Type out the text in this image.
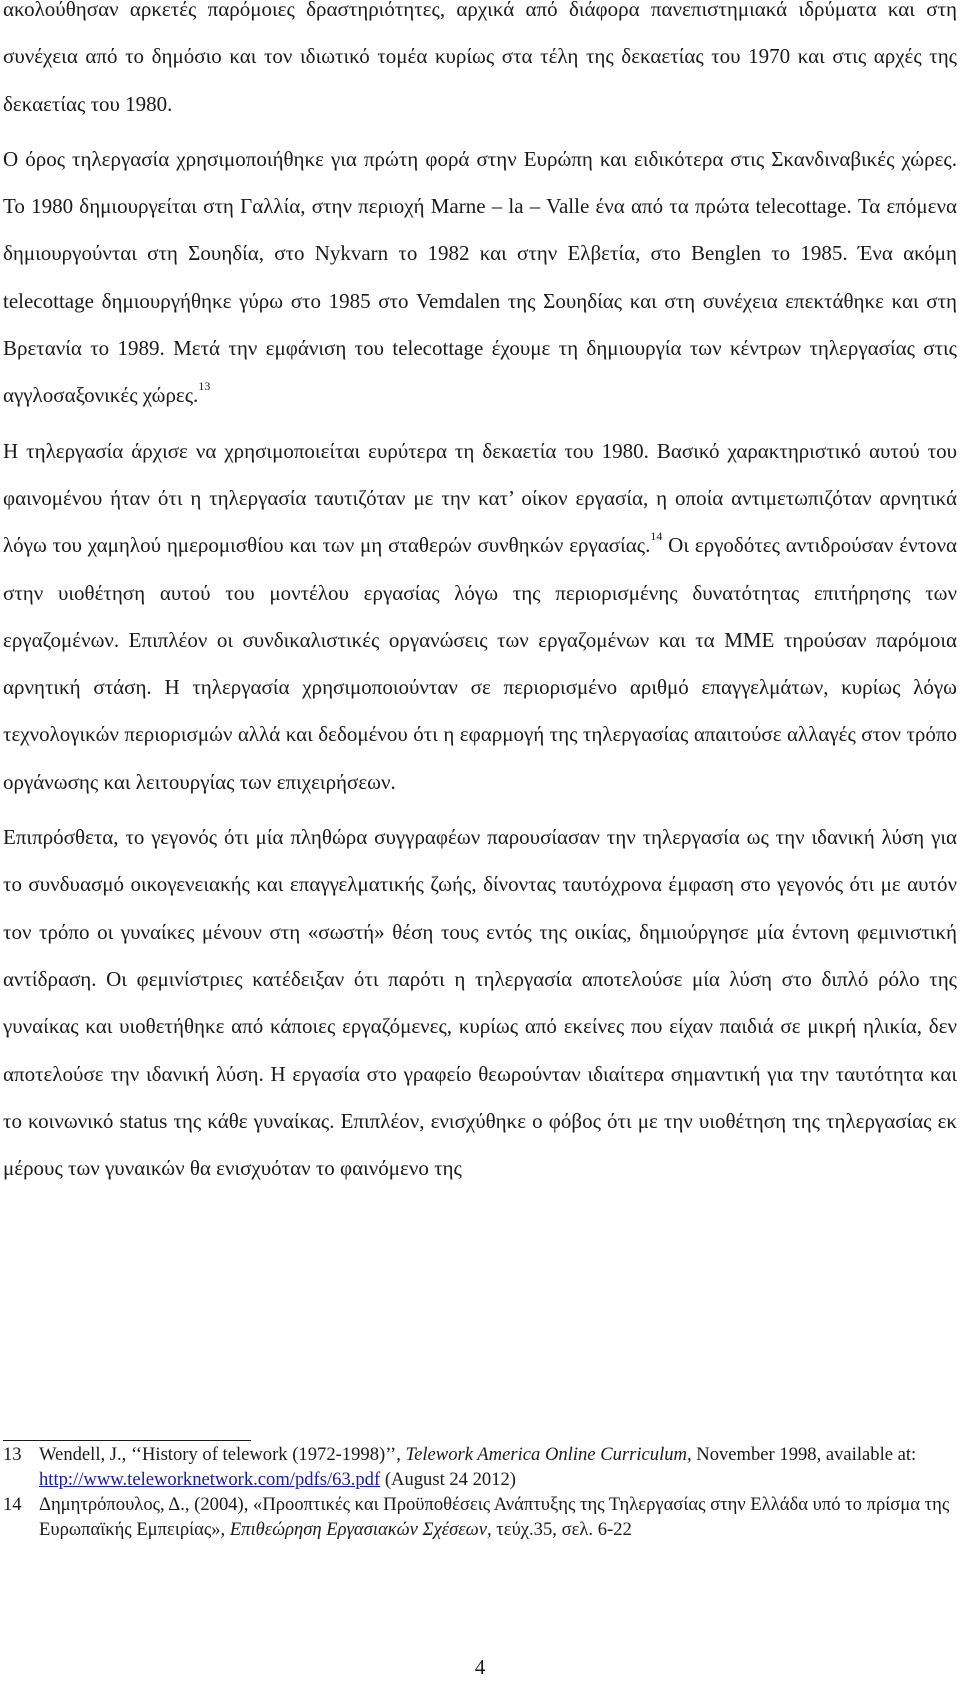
ακολούθησαν αρκετές παρόμοιες δραστηριότητες, αρχικά από διάφορα πανεπιστημιακά ιδρύματα και στη συνέχεια από το δημόσιο και τον ιδιωτικό τομέα κυρίως στα τέλη της δεκαετίας του 1970 και στις αρχές της δεκαετίας του 1980.

Ο όρος τηλεργασία χρησιμοποιήθηκε για πρώτη φορά στην Ευρώπη και ειδικότερα στις Σκανδιναβικές χώρες. Το 1980 δημιουργείται στη Γαλλία, στην περιοχή Marne – la – Valle ένα από τα πρώτα telecottage. Τα επόμενα δημιουργούνται στη Σουηδία, στο Nykvarn το 1982 και στην Ελβετία, στο Benglen το 1985. Ένα ακόμη telecottage δημιουργήθηκε γύρω στο 1985 στο Vemdalen της Σουηδίας και στη συνέχεια επεκτάθηκε και στη Βρετανία το 1989. Μετά την εμφάνιση του telecottage έχουμε τη δημιουργία των κέντρων τηλεργασίας στις αγγλοσαξονικές χώρες.$^{13}$

Η τηλεργασία άρχισε να χρησιμοποιείται ευρύτερα τη δεκαετία του 1980. Βασικό χαρακτηριστικό αυτού του φαινομένου ήταν ότι η τηλεργασία ταυτιζόταν με την κατ’ οίκον εργασία, η οποία αντιμετωπιζόταν αρνητικά λόγω του χαμηλού ημερομισθίου και των μη σταθερών συνθηκών εργασίας.$^{14}$ Οι εργοδότες αντιδρούσαν έντονα στην υιοθέτηση αυτού του μοντέλου εργασίας λόγω της περιορισμένης δυνατότητας επιτήρησης των εργαζομένων. Επιπλέον οι συνδικαλιστικές οργανώσεις των εργαζομένων και τα ΜΜΕ τηρούσαν παρόμοια αρνητική στάση. Η τηλεργασία χρησιμοποιούνταν σε περιορισμένο αριθμό επαγγελμάτων, κυρίως λόγω τεχνολογικών περιορισμών αλλά και δεδομένου ότι η εφαρμογή της τηλεργασίας απαιτούσε αλλαγές στον τρόπο οργάνωσης και λειτουργίας των επιχειρήσεων.

Επιπρόσθετα, το γεγονός ότι μία πληθώρα συγγραφέων παρουσίασαν την τηλεργασία ως την ιδανική λύση για το συνδυασμό οικογενειακής και επαγγελματικής ζωής, δίνοντας ταυτόχρονα έμφαση στο γεγονός ότι με αυτόν τον τρόπο οι γυναίκες μένουν στη «σωστή» θέση τους εντός της οικίας, δημιούργησε μία έντονη φεμινιστική αντίδραση. Οι φεμινίστριες κατέδειξαν ότι παρότι η τηλεργασία αποτελούσε μία λύση στο διπλό ρόλο της γυναίκας και υιοθετήθηκε από κάποιες εργαζόμενες, κυρίως από εκείνες που είχαν παιδιά σε μικρή ηλικία, δεν αποτελούσε την ιδανική λύση. Η εργασία στο γραφείο θεωρούνταν ιδιαίτερα σημαντική για την ταυτότητα και το κοινωνικό status της κάθε γυναίκας. Επιπλέον, ενισχύθηκε ο φόβος ότι με την υιοθέτηση της τηλεργασίας εκ μέρους των γυναικών θα ενισχυόταν το φαινόμενο της

13 Wendell, J., ‘‘History of telework (1972-1998)’’, Telework America Online Curriculum, November 1998, available at: http://www.teleworknetwork.com/pdfs/63.pdf (August 24 2012)
14 Δημητρόπουλος, Δ., (2004), «Προοπτικές και Προϋποθέσεις Ανάπτυξης της Τηλεργασίας στην Ελλάδα υπό το πρίσμα της Ευρωπαϊκής Εμπειρίας», Επιθεώρηση Εργασιακών Σχέσεων, τεύχ.35, σελ. 6-22
4
